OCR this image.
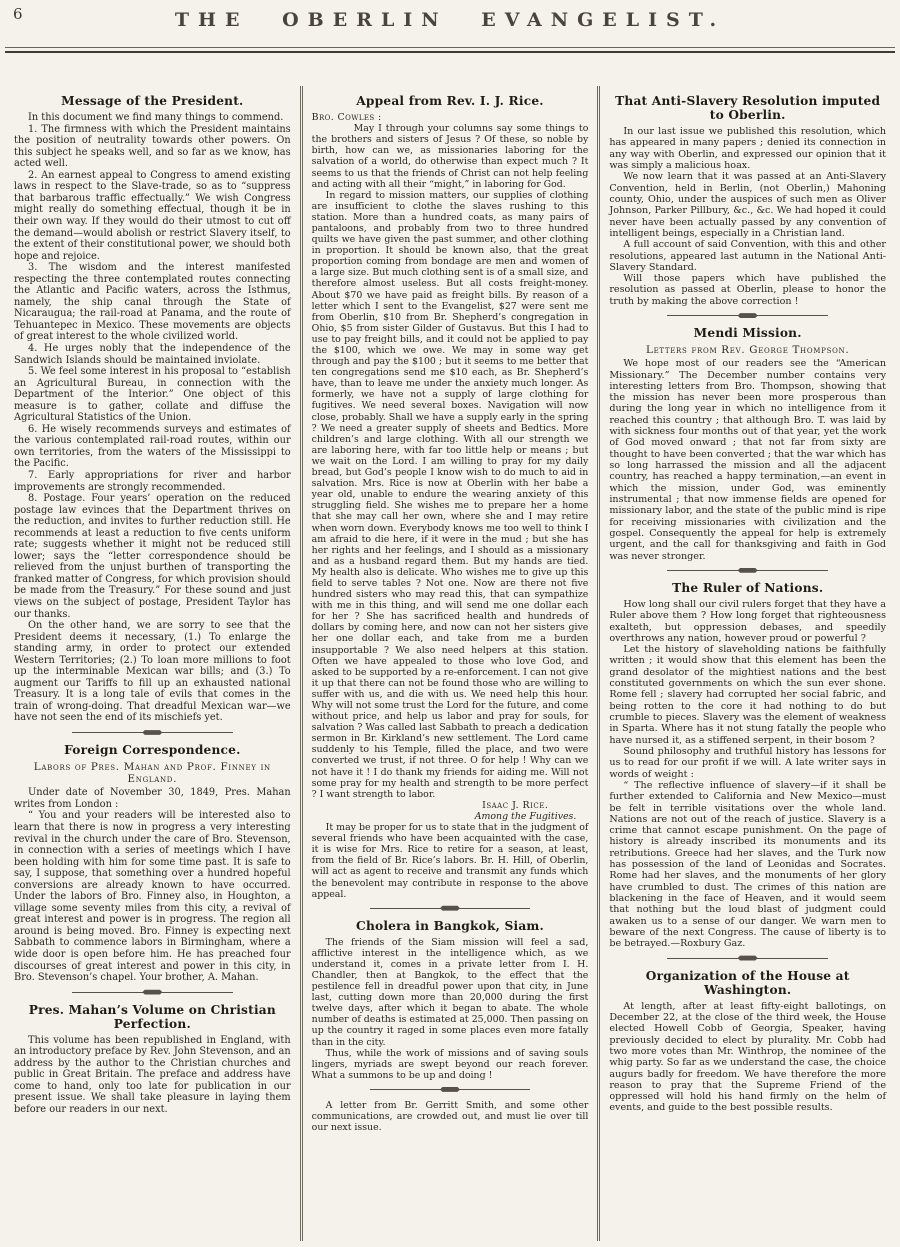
6	THE OBERLIN EVANGELIST.
Message of the President.

In this document we find many things to commend.

1. The firmness with which the President maintains the position of neutrality towards other powers. On this subject he speaks well, and so far as we know, has acted well.

2. An earnest appeal to Congress to amend existing laws in respect to the Slave-trade, so as to “suppress that barbarous traffic effectually.” We wish Congress might really do something effectual, though it be in their own way. If they would do their utmost to cut off the demand—would abolish or restrict Slavery itself, to the extent of their constitutional power, we should both hope and rejoice.

3. The wisdom and the interest manifested respecting the three contemplated routes connecting the Atlantic and Pacific waters, across the Isthmus, namely, the ship canal through the State of Nicaraugua; the rail-road at Panama, and the route of Tehuantepec in Mexico. These movements are objects of great interest to the whole civilized world.

4. He urges nobly that the independence of the Sandwich Islands should be maintained inviolate.

5. We feel some interest in his proposal to “establish an Agricultural Bureau, in connection with the Department of the Interior.” One object of this measure is to gather, collate and diffuse the Agricultural Statistics of the Union.

6. He wisely recommends surveys and estimates of the various contemplated rail-road routes, within our own territories, from the waters of the Mississippi to the Pacific.

7. Early appropriations for river and harbor improvements are strongly recommended.

8. Postage. Four years’ operation on the reduced postage law evinces that the Department thrives on the reduction, and invites to further reduction still. He recommends at least a reduction to five cents uniform rate; suggests whether it might not be reduced still lower; says the “letter correspondence should be relieved from the unjust burthen of transporting the franked matter of Congress, for which provision should be made from the Treasury.” For these sound and just views on the subject of postage, President Taylor has our thanks.

On the other hand, we are sorry to see that the President deems it necessary, (1.) To enlarge the standing army, in order to protect our extended Western Territories; (2.) To loan more millions to foot up the interminable Mexican war bills; and (3.) To augment our Tariffs to fill up an exhausted national Treasury. It is a long tale of evils that comes in the train of wrong-doing. That dreadful Mexican war—we have not seen the end of its mischiefs yet.

Foreign Correspondence.

Labors of Pres. Mahan and Prof. Finney in England.

Under date of November 30, 1849, Pres. Mahan writes from London :

“ You and your readers will be interested also to learn that there is now in progress a very interesting revival in the church under the care of Bro. Stevenson, in connection with a series of meetings which I have been holding with him for some time past. It is safe to say, I suppose, that something over a hundred hopeful conversions are already known to have occurred. Under the labors of Bro. Finney also, in Houghton, a village some seventy miles from this city, a revival of great interest and power is in progress. The region all around is being moved. Bro. Finney is expecting next Sabbath to commence labors in Birmingham, where a wide door is open before him. He has preached four discourses of great interest and power in this city, in Bro. Stevenson’s chapel. Your brother, A. Mahan.

Pres. Mahan’s Volume on Christian Perfection.

This volume has been republished in England, with an introductory preface by Rev. John Stevenson, and an address by the author to the Christian churches and public in Great Britain. The preface and address have come to hand, only too late for publication in our present issue. We shall take pleasure in laying them before our readers in our next.

Appeal from Rev. I. J. Rice.

Bro. Cowles :

May I through your columns say some things to the brothers and sisters of Jesus ? Of these, so noble by birth, how can we, as missionaries laboring for the salvation of a world, do otherwise than expect much ? It seems to us that the friends of Christ can not help feeling and acting with all their “might,” in laboring for God.

In regard to mission matters, our supplies of clothing are insufficient to clothe the slaves rushing to this station. More than a hundred coats, as many pairs of pantaloons, and probably from two to three hundred quilts we have given the past summer, and other clothing in proportion. It should be known also, that the great proportion coming from bondage are men and women of a large size. But much clothing sent is of a small size, and therefore almost useless. But all costs freight-money. About $70 we have paid as freight bills. By reason of a letter which I sent to the Evangelist, $27 were sent me from Oberlin, $10 from Br. Shepherd’s congregation in Ohio, $5 from sister Gilder of Gustavus. But this I had to use to pay freight bills, and it could not be applied to pay the $100, which we owe. We may in some way get through and pay the $100 ; but it seems to me better that ten congregations send me $10 each, as Br. Shepherd’s have, than to leave me under the anxiety much longer. As formerly, we have not a supply of large clothing for fugitives. We need several boxes. Navigation will now close, probably. Shall we have a supply early in the spring ? We need a greater supply of sheets and Bedtics. More children’s and large clothing. With all our strength we are laboring here, with far too little help or means ; but we wait on the Lord. I am willing to pray for my daily bread, but God’s people I know wish to do much to aid in salvation. Mrs. Rice is now at Oberlin with her babe a year old, unable to endure the wearing anxiety of this struggling field. She wishes me to prepare her a home that she may call her own, where she and I may retire when worn down. Everybody knows me too well to think I am afraid to die here, if it were in the mud ; but she has her rights and her feelings, and I should as a missionary and as a husband regard them. But my hands are tied. My health also is delicate. Who wishes me to give up this field to serve tables ? Not one. Now are there not five hundred sisters who may read this, that can sympathize with me in this thing, and will send me one dollar each for her ? She has sacrificed health and hundreds of dollars by coming here, and now can not her sisters give her one dollar each, and take from me a burden insupportable ? We also need helpers at this station. Often we have appealed to those who love God, and asked to be supported by a re-enforcement. I can not give it up that there can not be found those who are willing to suffer with us, and die with us. We need help this hour. Why will not some trust the Lord for the future, and come without price, and help us labor and pray for souls, for salvation ? Was called last Sabbath to preach a dedication sermon in Br. Kirkland’s new settlement. The Lord came suddenly to his Temple, filled the place, and two were converted we trust, if not three. O for help ! Why can we not have it ! I do thank my friends for aiding me. Will not some pray for my health and strength to be more perfect ? I want strength to labor.

Isaac J. Rice.

Among the Fugitives.

It may be proper for us to state that in the judgment of several friends who have been acquainted with the case, it is wise for Mrs. Rice to retire for a season, at least, from the field of Br. Rice’s labors. Br. H. Hill, of Oberlin, will act as agent to receive and transmit any funds which the benevolent may contribute in response to the above appeal.

Cholera in Bangkok, Siam.

The friends of the Siam mission will feel a sad, afflictive interest in the intelligence which, as we understand it, comes in a private letter from I. H. Chandler, then at Bangkok, to the effect that the pestilence fell in dreadful power upon that city, in June last, cutting down more than 20,000 during the first twelve days, after which it began to abate. The whole number of deaths is estimated at 25,000. Then passing on up the country it raged in some places even more fatally than in the city.

Thus, while the work of missions and of saving souls lingers, myriads are swept beyond our reach forever. What a summons to be up and doing !

A letter from Br. Gerritt Smith, and some other communications, are crowded out, and must lie over till our next issue.

That Anti-Slavery Resolution imputed to Oberlin.

In our last issue we published this resolution, which has appeared in many papers ; denied its connection in any way with Oberlin, and expressed our opinion that it was simply a malicious hoax.

We now learn that it was passed at an Anti-Slavery Convention, held in Berlin, (not Oberlin,) Mahoning county, Ohio, under the auspices of such men as Oliver Johnson, Parker Pillbury, &c., &c. We had hoped it could never have been actually passed by any convention of intelligent beings, especially in a Christian land.

A full account of said Convention, with this and other resolutions, appeared last autumn in the National Anti-Slavery Standard.

Will those papers which have published the resolution as passed at Oberlin, please to honor the truth by making the above correction !

Mendi Mission.

Letters from Rev. George Thompson.

We hope most of our readers see the “American Missionary.” The December number contains very interesting letters from Bro. Thompson, showing that the mission has never been more prosperous than during the long year in which no intelligence from it reached this country ; that although Bro. T. was laid by with sickness four months out of that year, yet the work of God moved onward ; that not far from sixty are thought to have been converted ; that the war which has so long harrassed the mission and all the adjacent country, has reached a happy termination,—an event in which the mission, under God, was eminently instrumental ; that now immense fields are opened for missionary labor, and the state of the public mind is ripe for receiving missionaries with civilization and the gospel. Consequently the appeal for help is extremely urgent, and the call for thanksgiving and faith in God was never stronger.

The Ruler of Nations.

How long shall our civil rulers forget that they have a Ruler above them ? How long forget that righteousness exalteth, but oppression debases, and speedily overthrows any nation, however proud or powerful ?

Let the history of slaveholding nations be faithfully written ; it would show that this element has been the grand desolator of the mightiest nations and the best constituted governments on which the sun ever shone. Rome fell ; slavery had corrupted her social fabric, and being rotten to the core it had nothing to do but crumble to pieces. Slavery was the element of weakness in Sparta. Where has it not stung fatally the people who have nursed it, as a stiffened serpent, in their bosom ?

Sound philosophy and truthful history has lessons for us to read for our profit if we will. A late writer says in words of weight :

“ The reflective influence of slavery—if it shall be further extended to California and New Mexico—must be felt in terrible visitations over the whole land. Nations are not out of the reach of justice. Slavery is a crime that cannot escape punishment. On the page of history is already inscribed its monuments and its retributions. Greece had her slaves, and the Turk now has possession of the land of Leonidas and Socrates. Rome had her slaves, and the monuments of her glory have crumbled to dust. The crimes of this nation are blackening in the face of Heaven, and it would seem that nothing but the loud blast of judgment could awaken us to a sense of our danger. We warn men to beware of the next Congress. The cause of liberty is to be betrayed.—Roxbury Gaz.

Organization of the House at Washington.

At length, after at least fifty-eight ballotings, on December 22, at the close of the third week, the House elected Howell Cobb of Georgia, Speaker, having previously decided to elect by plurality. Mr. Cobb had two more votes than Mr. Winthrop, the nominee of the whig party. So far as we understand the case, the choice augurs badly for freedom. We have therefore the more reason to pray that the Supreme Friend of the oppressed will hold his hand firmly on the helm of events, and guide to the best possible results.
